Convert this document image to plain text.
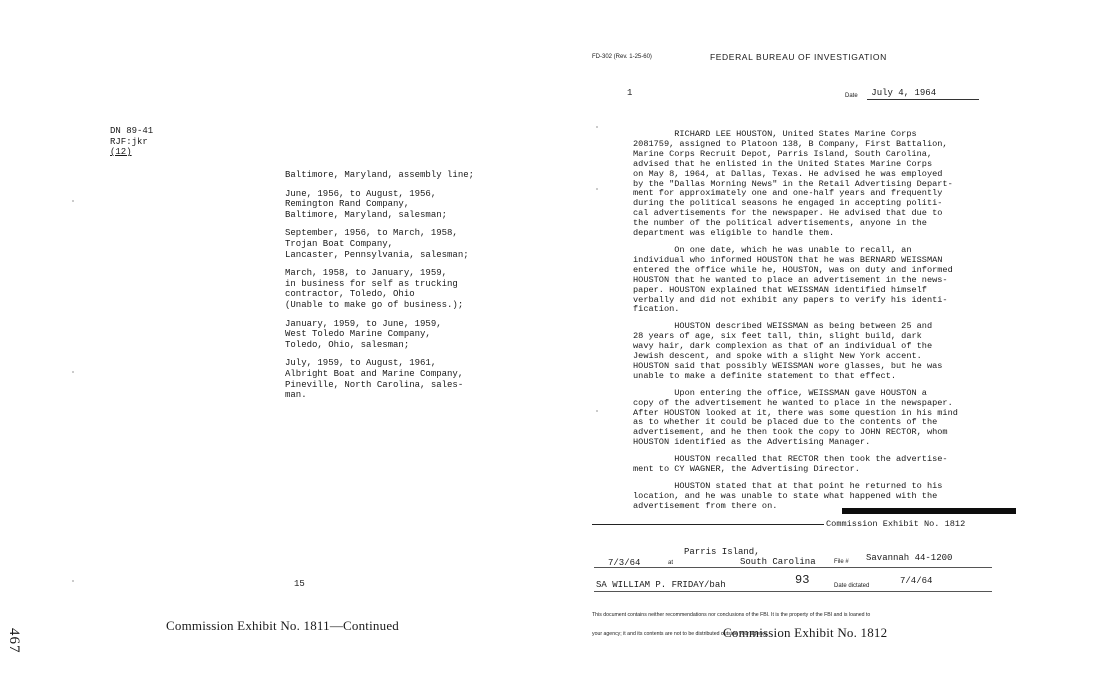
DN 89-41
RJF:jkr
(12)
Baltimore, Maryland, assembly line;
June, 1956, to August, 1956,
Remington Rand Company,
Baltimore, Maryland, salesman;
September, 1956, to March, 1958,
Trojan Boat Company,
Lancaster, Pennsylvania, salesman;
March, 1958, to January, 1959,
in business for self as trucking
contractor, Toledo, Ohio
(Unable to make go of business.);
January, 1959, to June, 1959,
West Toledo Marine Company,
Toledo, Ohio, salesman;
July, 1959, to August, 1961,
Albright Boat and Marine Company,
Pineville, North Carolina, sales-
man.
15
Commission Exhibit No. 1811—Continued
467
FD-302 (Rev. 1-25-60)	FEDERAL BUREAU OF INVESTIGATION
1	Date July 4, 1964
RICHARD LEE HOUSTON, United States Marine Corps
2081759, assigned to Platoon 138, B Company, First Battalion,
Marine Corps Recruit Depot, Parris Island, South Carolina,
advised that he enlisted in the United States Marine Corps
on May 8, 1964, at Dallas, Texas. He advised he was employed
by the "Dallas Morning News" in the Retail Advertising Depart-
ment for approximately one and one-half years and frequently
during the political seasons he engaged in accepting politi-
cal advertisements for the newspaper. He advised that due to
the number of the political advertisements, anyone in the
department was eligible to handle them.
On one date, which he was unable to recall, an
individual who informed HOUSTON that he was BERNARD WEISSMAN
entered the office while he, HOUSTON, was on duty and informed
HOUSTON that he wanted to place an advertisement in the news-
paper. HOUSTON explained that WEISSMAN identified himself
verbally and did not exhibit any papers to verify his identi-
fication.
HOUSTON described WEISSMAN as being between 25 and
28 years of age, six feet tall, thin, slight build, dark
wavy hair, dark complexion as that of an individual of the
Jewish descent, and spoke with a slight New York accent.
HOUSTON said that possibly WEISSMAN wore glasses, but he was
unable to make a definite statement to that effect.
Upon entering the office, WEISSMAN gave HOUSTON a
copy of the advertisement he wanted to place in the newspaper.
After HOUSTON looked at it, there was some question in his mind
as to whether it could be placed due to the contents of the
advertisement, and he then took the copy to JOHN RECTOR, whom
HOUSTON identified as the Advertising Manager.
HOUSTON recalled that RECTOR then took the advertise-
ment to CY WAGNER, the Advertising Director.
HOUSTON stated that at that point he returned to his
location, and he was unable to state what happened with the
advertisement from there on.
Commission Exhibit No. 1812
Parris Island,
7/3/64	at	South Carolina	File # Savannah 44-1200
SA WILLIAM P. FRIDAY/bah	93	Date dictated	7/4/64

This document contains neither recommendations nor conclusions of the FBI. It is the property of the FBI and is loaned to

your agency; it and its contents are not to be distributed outside your agency.

Commission Exhibit No. 1812
